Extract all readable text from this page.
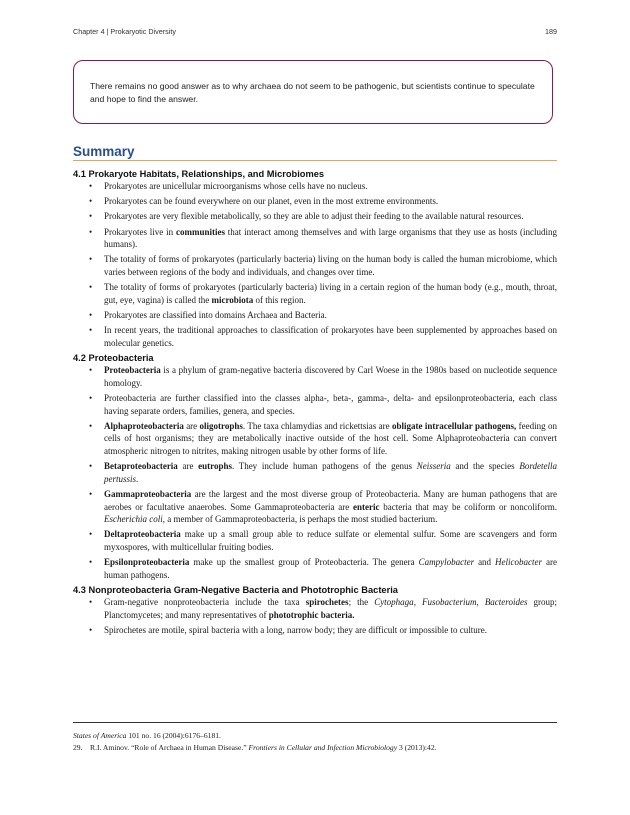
Chapter 4 | Prokaryotic Diversity	189
There remains no good answer as to why archaea do not seem to be pathogenic, but scientists continue to speculate and hope to find the answer.
Summary
4.1 Prokaryote Habitats, Relationships, and Microbiomes
• Prokaryotes are unicellular microorganisms whose cells have no nucleus.
• Prokaryotes can be found everywhere on our planet, even in the most extreme environments.
• Prokaryotes are very flexible metabolically, so they are able to adjust their feeding to the available natural resources.
• Prokaryotes live in communities that interact among themselves and with large organisms that they use as hosts (including humans).
• The totality of forms of prokaryotes (particularly bacteria) living on the human body is called the human microbiome, which varies between regions of the body and individuals, and changes over time.
• The totality of forms of prokaryotes (particularly bacteria) living in a certain region of the human body (e.g., mouth, throat, gut, eye, vagina) is called the microbiota of this region.
• Prokaryotes are classified into domains Archaea and Bacteria.
• In recent years, the traditional approaches to classification of prokaryotes have been supplemented by approaches based on molecular genetics.
4.2 Proteobacteria
• Proteobacteria is a phylum of gram-negative bacteria discovered by Carl Woese in the 1980s based on nucleotide sequence homology.
• Proteobacteria are further classified into the classes alpha-, beta-, gamma-, delta- and epsilonproteobacteria, each class having separate orders, families, genera, and species.
• Alphaproteobacteria are oligotrophs. The taxa chlamydias and rickettsias are obligate intracellular pathogens, feeding on cells of host organisms; they are metabolically inactive outside of the host cell. Some Alphaproteobacteria can convert atmospheric nitrogen to nitrites, making nitrogen usable by other forms of life.
• Betaproteobacteria are eutrophs. They include human pathogens of the genus Neisseria and the species Bordetella pertussis.
• Gammaproteobacteria are the largest and the most diverse group of Proteobacteria. Many are human pathogens that are aerobes or facultative anaerobes. Some Gammaproteobacteria are enteric bacteria that may be coliform or noncoliform. Escherichia coli, a member of Gammaproteobacteria, is perhaps the most studied bacterium.
• Deltaproteobacteria make up a small group able to reduce sulfate or elemental sulfur. Some are scavengers and form myxospores, with multicellular fruiting bodies.
• Epsilonproteobacteria make up the smallest group of Proteobacteria. The genera Campylobacter and Helicobacter are human pathogens.
4.3 Nonproteobacteria Gram-Negative Bacteria and Phototrophic Bacteria
• Gram-negative nonproteobacteria include the taxa spirochetes; the Cytophaga, Fusobacterium, Bacteroides group; Planctomycetes; and many representatives of phototrophic bacteria.
• Spirochetes are motile, spiral bacteria with a long, narrow body; they are difficult or impossible to culture.
States of America 101 no. 16 (2004):6176–6181.
29. R.I. Aminov. “Role of Archaea in Human Disease.” Frontiers in Cellular and Infection Microbiology 3 (2013):42.
